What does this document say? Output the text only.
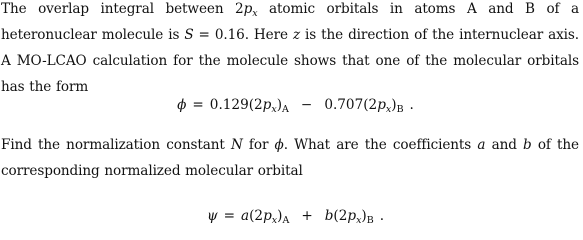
The overlap integral between $2p_x$ atomic orbitals in atoms A and B of a heteronuclear molecule is S = 0.16. Here z is the direction of the internuclear axis. A MO-LCAO calculation for the molecule shows that one of the molecular orbitals has the form
$\phi = 0.129(2p_x)_A - 0.707(2p_x)_B$ .
Find the normalization constant N for ϕ. What are the coefficients a and b of the corresponding normalized molecular orbital
$\psi = a(2p_x)_A + b(2p_x)_B$ .
